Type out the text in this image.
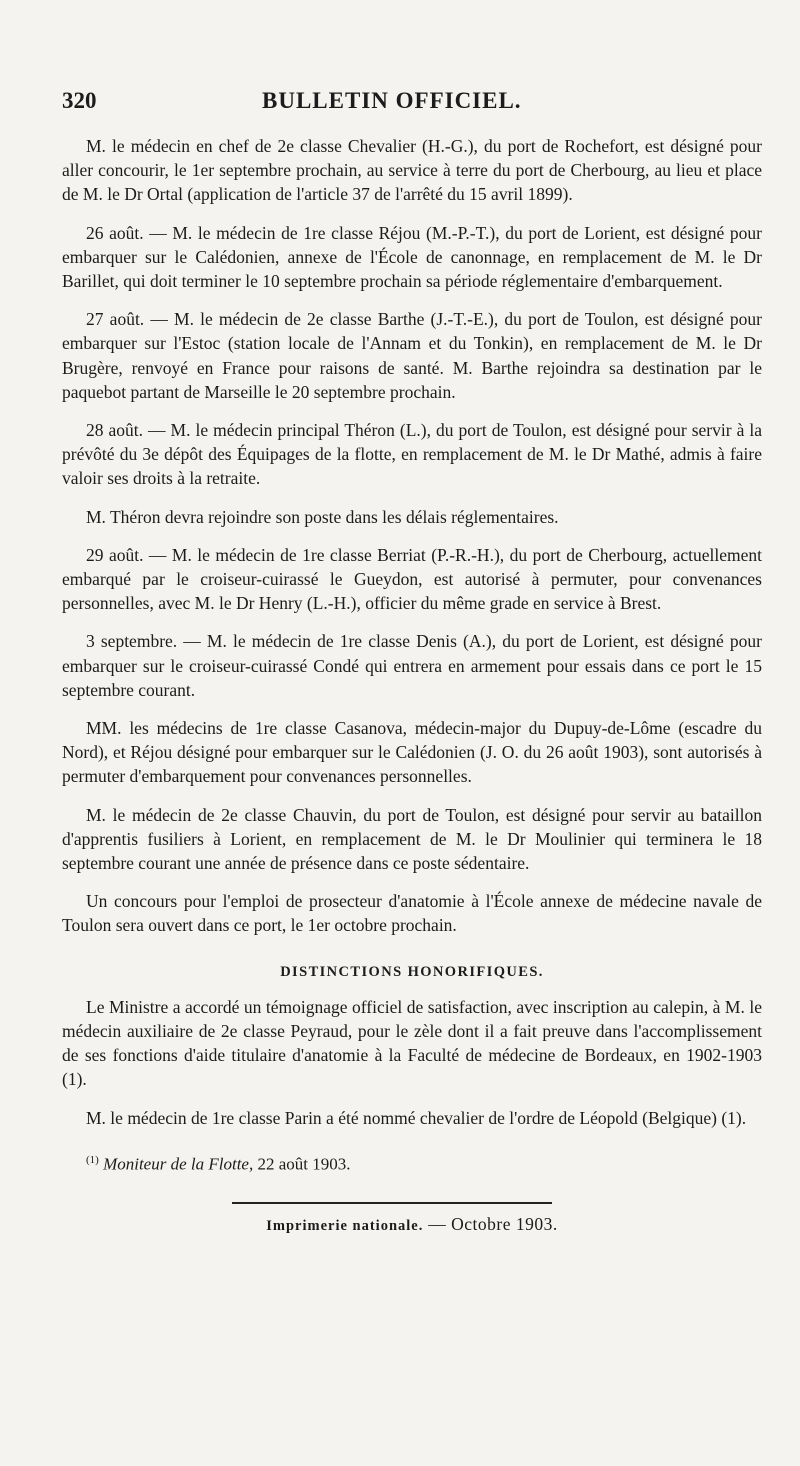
320	BULLETIN OFFICIEL.

M. le médecin en chef de 2e classe Chevalier (H.-G.), du port de Rochefort, est désigné pour aller concourir, le 1er septembre prochain, au service à terre du port de Cherbourg, au lieu et place de M. le Dr Ortal (application de l'article 37 de l'arrêté du 15 avril 1899).

26 août. — M. le médecin de 1re classe Réjou (M.-P.-T.), du port de Lorient, est désigné pour embarquer sur le Calédonien, annexe de l'École de canonnage, en remplacement de M. le Dr Barillet, qui doit terminer le 10 septembre prochain sa période réglementaire d'embarquement.

27 août. — M. le médecin de 2e classe Barthe (J.-T.-E.), du port de Toulon, est désigné pour embarquer sur l'Estoc (station locale de l'Annam et du Tonkin), en remplacement de M. le Dr Brugère, renvoyé en France pour raisons de santé. M. Barthe rejoindra sa destination par le paquebot partant de Marseille le 20 septembre prochain.

28 août. — M. le médecin principal Théron (L.), du port de Toulon, est désigné pour servir à la prévôté du 3e dépôt des Équipages de la flotte, en remplacement de M. le Dr Mathé, admis à faire valoir ses droits à la retraite.

M. Théron devra rejoindre son poste dans les délais réglementaires.

29 août. — M. le médecin de 1re classe Berriat (P.-R.-H.), du port de Cherbourg, actuellement embarqué par le croiseur-cuirassé le Gueydon, est autorisé à permuter, pour convenances personnelles, avec M. le Dr Henry (L.-H.), officier du même grade en service à Brest.

3 septembre. — M. le médecin de 1re classe Denis (A.), du port de Lorient, est désigné pour embarquer sur le croiseur-cuirassé Condé qui entrera en armement pour essais dans ce port le 15 septembre courant.

MM. les médecins de 1re classe Casanova, médecin-major du Dupuy-de-Lôme (escadre du Nord), et Réjou désigné pour embarquer sur le Calédonien (J. O. du 26 août 1903), sont autorisés à permuter d'embarquement pour convenances personnelles.

M. le médecin de 2e classe Chauvin, du port de Toulon, est désigné pour servir au bataillon d'apprentis fusiliers à Lorient, en remplacement de M. le Dr Moulinier qui terminera le 18 septembre courant une année de présence dans ce poste sédentaire.

Un concours pour l'emploi de prosecteur d'anatomie à l'École annexe de médecine navale de Toulon sera ouvert dans ce port, le 1er octobre prochain.

DISTINCTIONS HONORIFIQUES.

Le Ministre a accordé un témoignage officiel de satisfaction, avec inscription au calepin, à M. le médecin auxiliaire de 2e classe Peyraud, pour le zèle dont il a fait preuve dans l'accomplissement de ses fonctions d'aide titulaire d'anatomie à la Faculté de médecine de Bordeaux, en 1902-1903 (1).

M. le médecin de 1re classe Parin a été nommé chevalier de l'ordre de Léopold (Belgique) (1).

$^{(1)}$ Moniteur de la Flotte, 22 août 1903.

Imprimerie nationale. — Octobre 1903.
